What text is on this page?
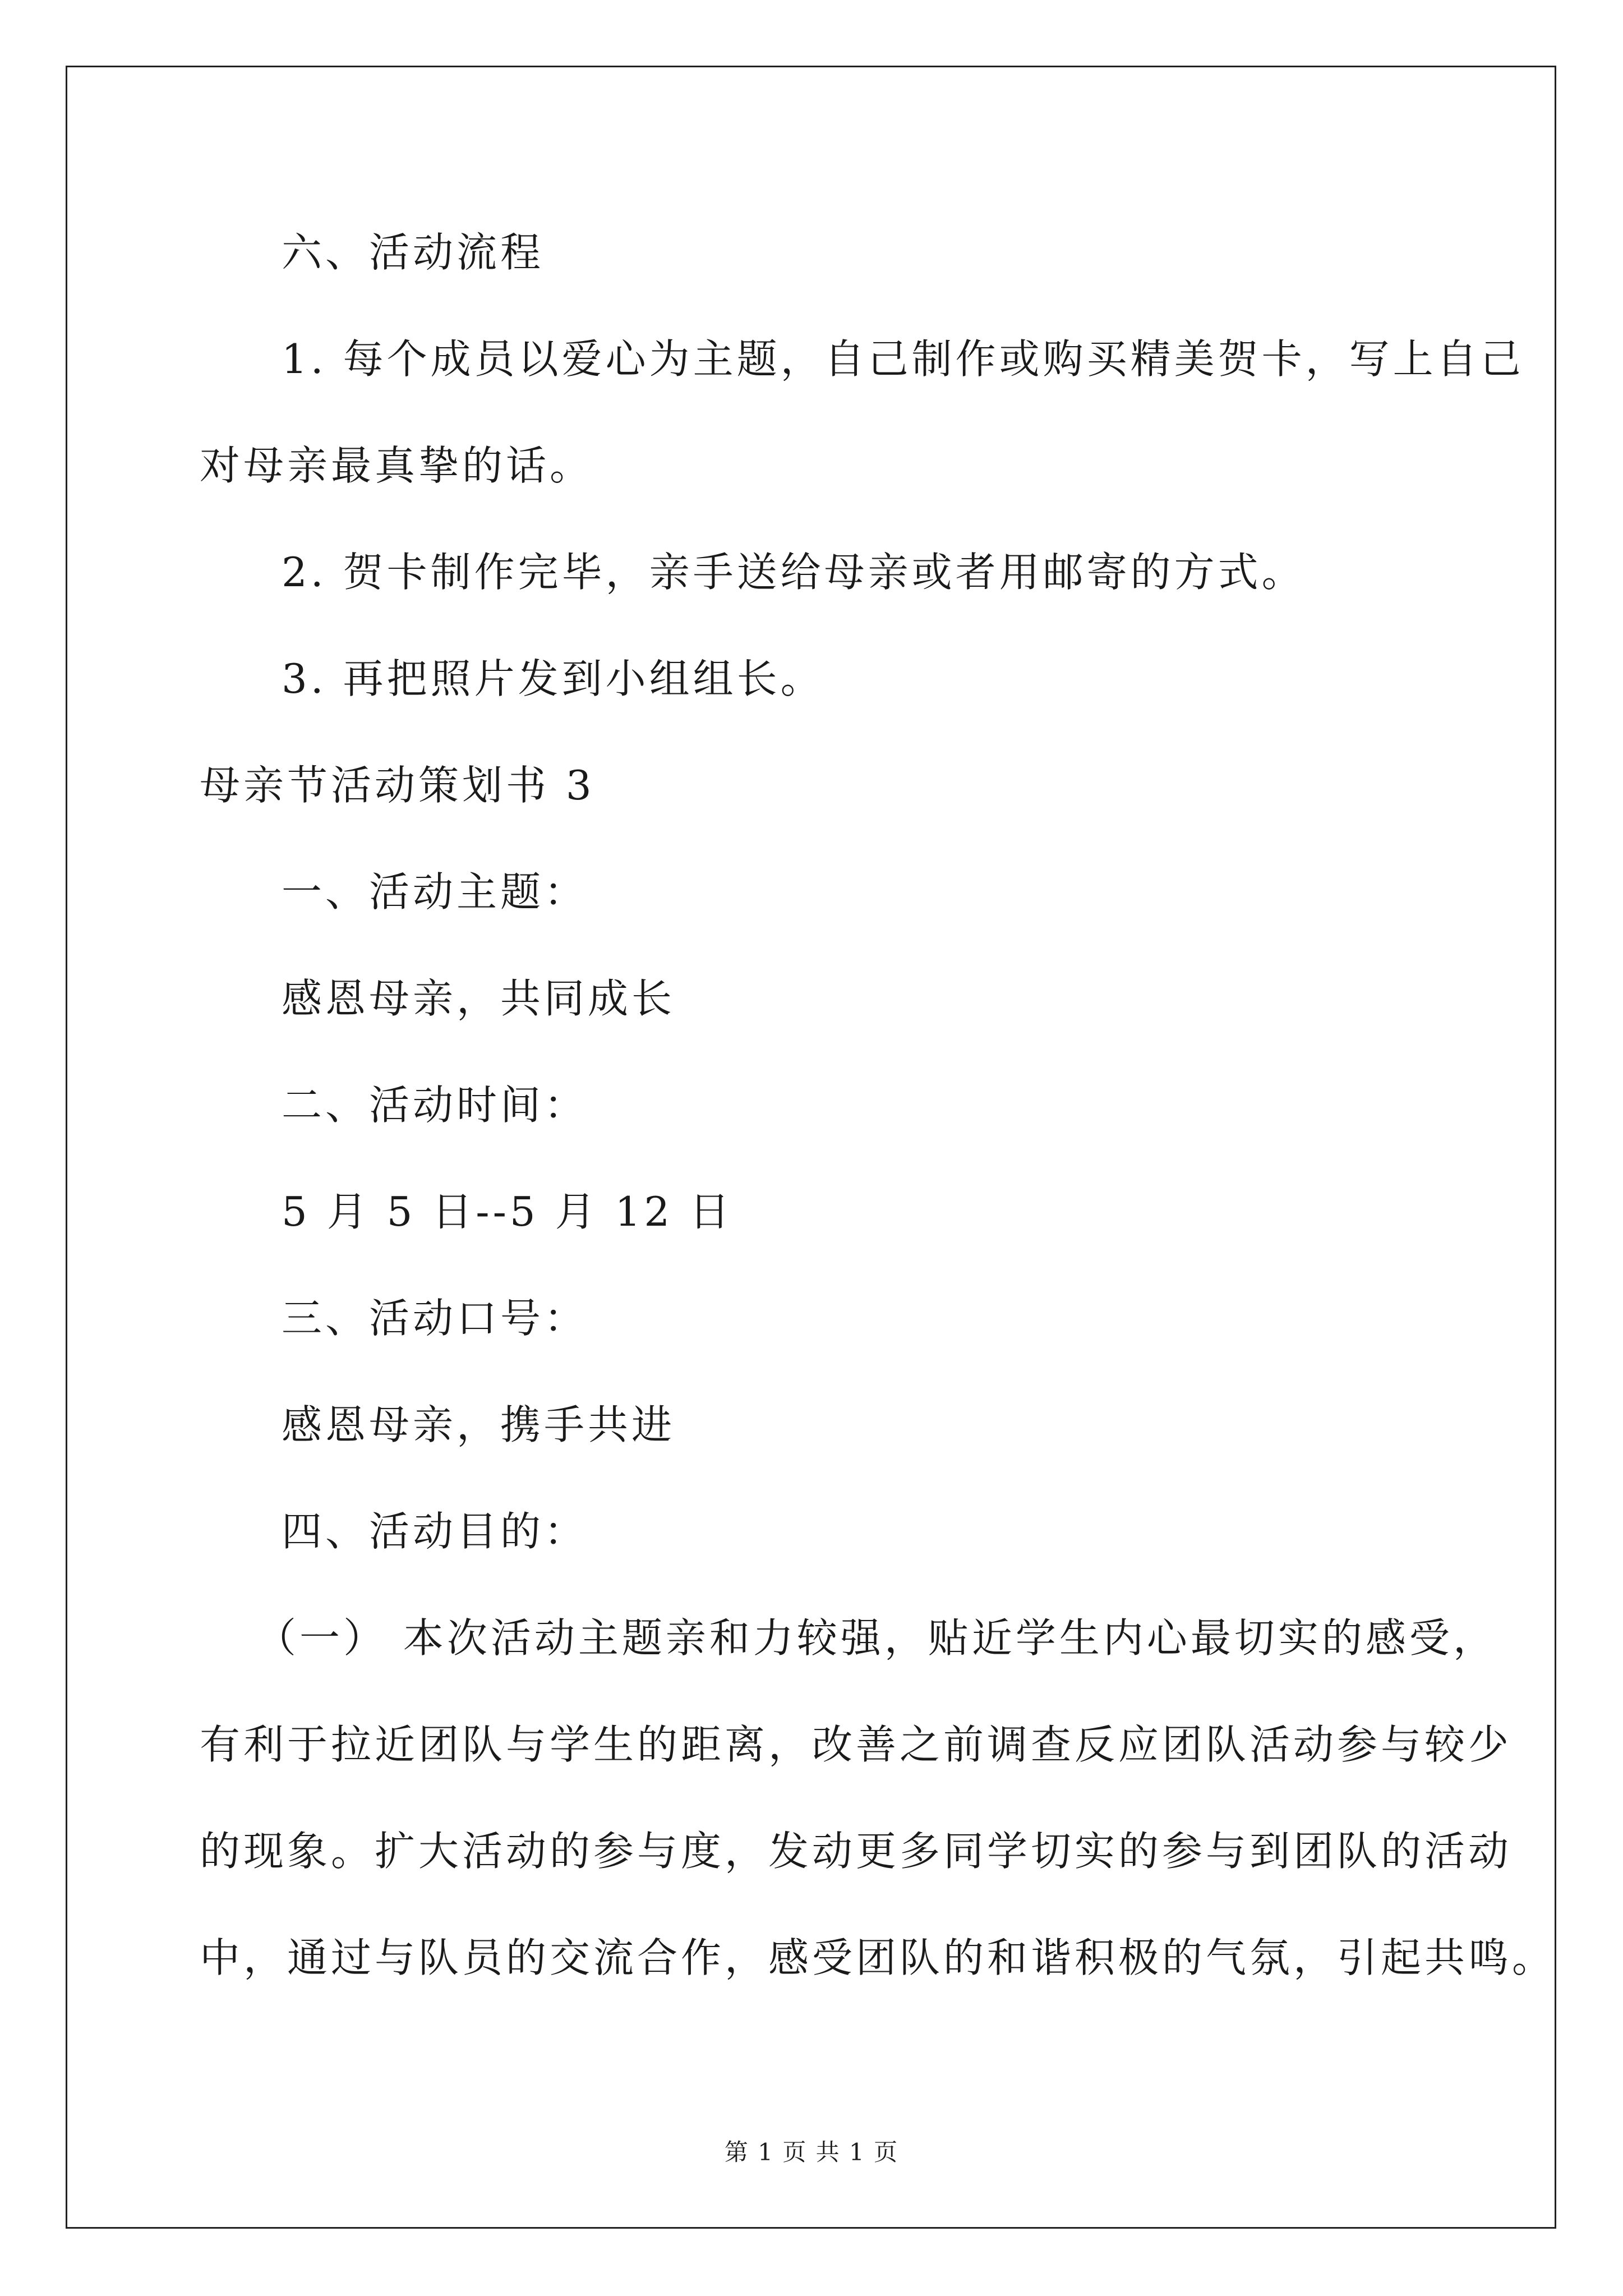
六、活动流程
1. 每个成员以爱心为主题，自己制作或购买精美贺卡，写上自己
对母亲最真挚的话。
2. 贺卡制作完毕，亲手送给母亲或者用邮寄的方式。
3. 再把照片发到小组组长。
母亲节活动策划书 3
一、活动主题：
感恩母亲，共同成长
二、活动时间：
5 月 5 日--5 月 12 日
三、活动口号：
感恩母亲，携手共进
四、活动目的：
（一） 本次活动主题亲和力较强，贴近学生内心最切实的感受，
有利于拉近团队与学生的距离，改善之前调查反应团队活动参与较少
的现象。扩大活动的参与度，发动更多同学切实的参与到团队的活动
中，通过与队员的交流合作，感受团队的和谐积极的气氛，引起共鸣。
第 1 页 共 1 页
